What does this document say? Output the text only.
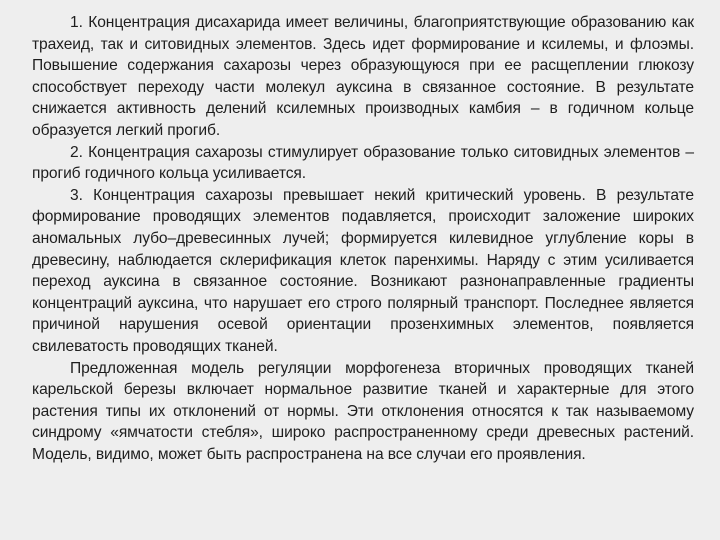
1. Концентрация дисахарида имеет величины, благоприятствующие образованию как трахеид, так и ситовидных элементов. Здесь идет формирование и ксилемы, и флоэмы. Повышение содержания сахарозы через образующуюся при ее расщеплении глюкозу способствует переходу части молекул ауксина в связанное состояние. В результате снижается активность делений ксилемных производных камбия – в годичном кольце образуется легкий прогиб.

2. Концентрация сахарозы стимулирует образование только ситовидных элементов – прогиб годичного кольца усиливается.

3. Концентрация сахарозы превышает некий критический уровень. В результате формирование проводящих элементов подавляется, происходит заложение широких аномальных лубо–древесинных лучей; формируется килевидное углубление коры в древесину, наблюдается склерификация клеток паренхимы. Наряду с этим усиливается переход ауксина в связанное состояние. Возникают разнонаправленные градиенты концентраций ауксина, что нарушает его строго полярный транспорт. Последнее является причиной нарушения осевой ориентации прозенхимных элементов, появляется свилеватость проводящих тканей.

Предложенная модель регуляции морфогенеза вторичных проводящих тканей карельской березы включает нормальное развитие тканей и характерные для этого растения типы их отклонений от нормы. Эти отклонения относятся к так называемому синдрому «ямчатости стебля», широко распространенному среди древесных растений. Модель, видимо, может быть распространена на все случаи его проявления.
